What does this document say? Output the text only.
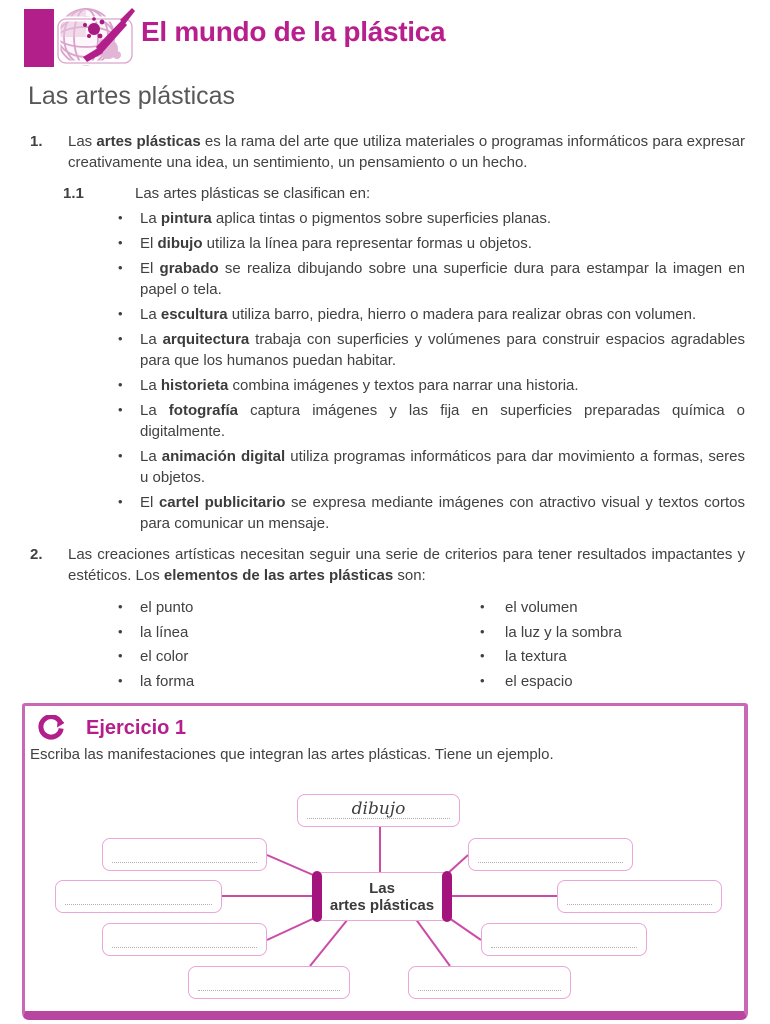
El mundo de la plástica
Las artes plásticas

1. Las artes plásticas es la rama del arte que utiliza materiales o programas informáticos para expresar creativamente una idea, un sentimiento, un pensamiento o un hecho.

1.1	Las artes plásticas se clasifican en:
• La pintura aplica tintas o pigmentos sobre superficies planas.
• El dibujo utiliza la línea para representar formas u objetos.
• El grabado se realiza dibujando sobre una superficie dura para estampar la imagen en papel o tela.
• La escultura utiliza barro, piedra, hierro o madera para realizar obras con volumen.
• La arquitectura trabaja con superficies y volúmenes para construir espacios agradables para que los humanos puedan habitar.
• La historieta combina imágenes y textos para narrar una historia.
• La fotografía captura imágenes y las fija en superficies preparadas química o digitalmente.
• La animación digital utiliza programas informáticos para dar movimiento a formas, seres u objetos.
• El cartel publicitario se expresa mediante imágenes con atractivo visual y textos cortos para comunicar un mensaje.

2. Las creaciones artísticas necesitan seguir una serie de criterios para tener resultados impactantes y estéticos. Los elementos de las artes plásticas son:

• el punto
• la línea
• el color
• la forma
• el volumen
• la luz y la sombra
• la textura
• el espacio
Ejercicio 1
Escriba las manifestaciones que integran las artes plásticas. Tiene un ejemplo.
dibujo
Las
artes plásticas
